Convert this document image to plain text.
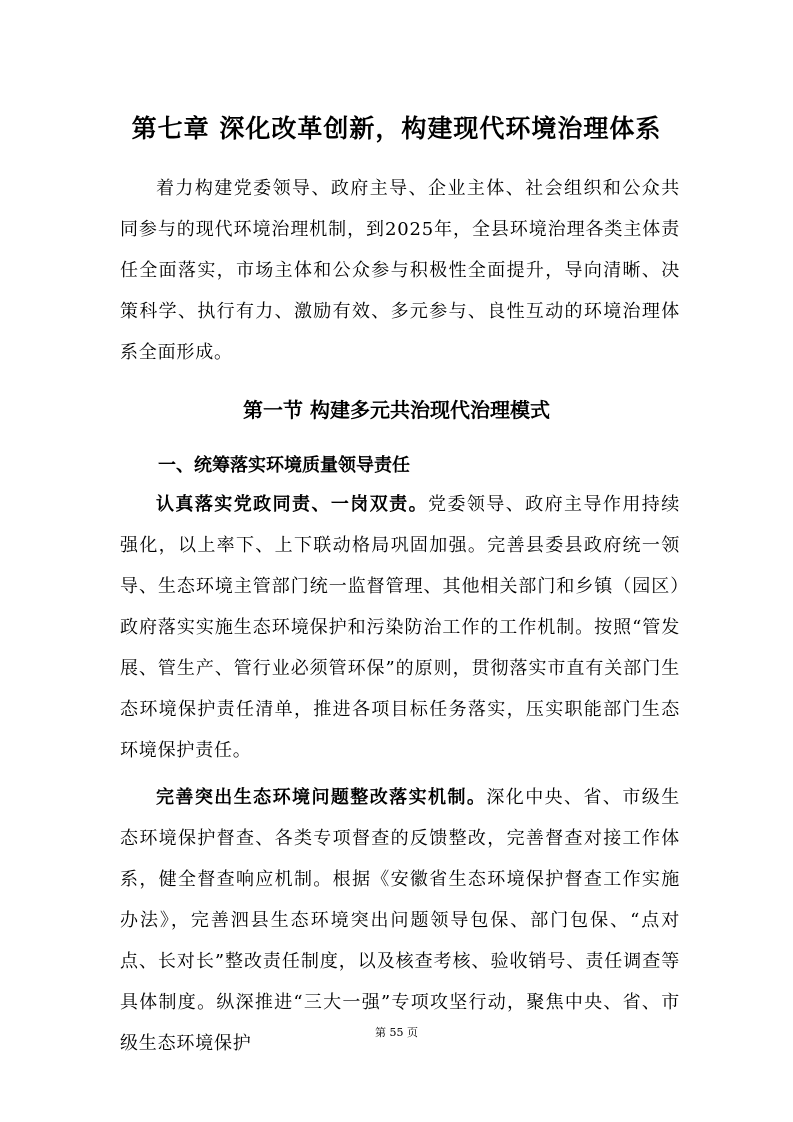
第七章 深化改革创新，构建现代环境治理体系

着力构建党委领导、政府主导、企业主体、社会组织和公众共同参与的现代环境治理机制，到2025年，全县环境治理各类主体责任全面落实，市场主体和公众参与积极性全面提升，导向清晰、决策科学、执行有力、激励有效、多元参与、良性互动的环境治理体系全面形成。

第一节 构建多元共治现代治理模式
一、统筹落实环境质量领导责任

认真落实党政同责、一岗双责。党委领导、政府主导作用持续强化，以上率下、上下联动格局巩固加强。完善县委县政府统一领导、生态环境主管部门统一监督管理、其他相关部门和乡镇（园区）政府落实实施生态环境保护和污染防治工作的工作机制。按照“管发展、管生产、管行业必须管环保”的原则，贯彻落实市直有关部门生态环境保护责任清单，推进各项目标任务落实，压实职能部门生态环境保护责任。

完善突出生态环境问题整改落实机制。深化中央、省、市级生态环境保护督查、各类专项督查的反馈整改，完善督查对接工作体系，健全督查响应机制。根据《安徽省生态环境保护督查工作实施办法》，完善泗县生态环境突出问题领导包保、部门包保、“点对点、长对长”整改责任制度，以及核查考核、验收销号、责任调查等具体制度。纵深推进“三大一强”专项攻坚行动，聚焦中央、省、市级生态环境保护

第 55 页
